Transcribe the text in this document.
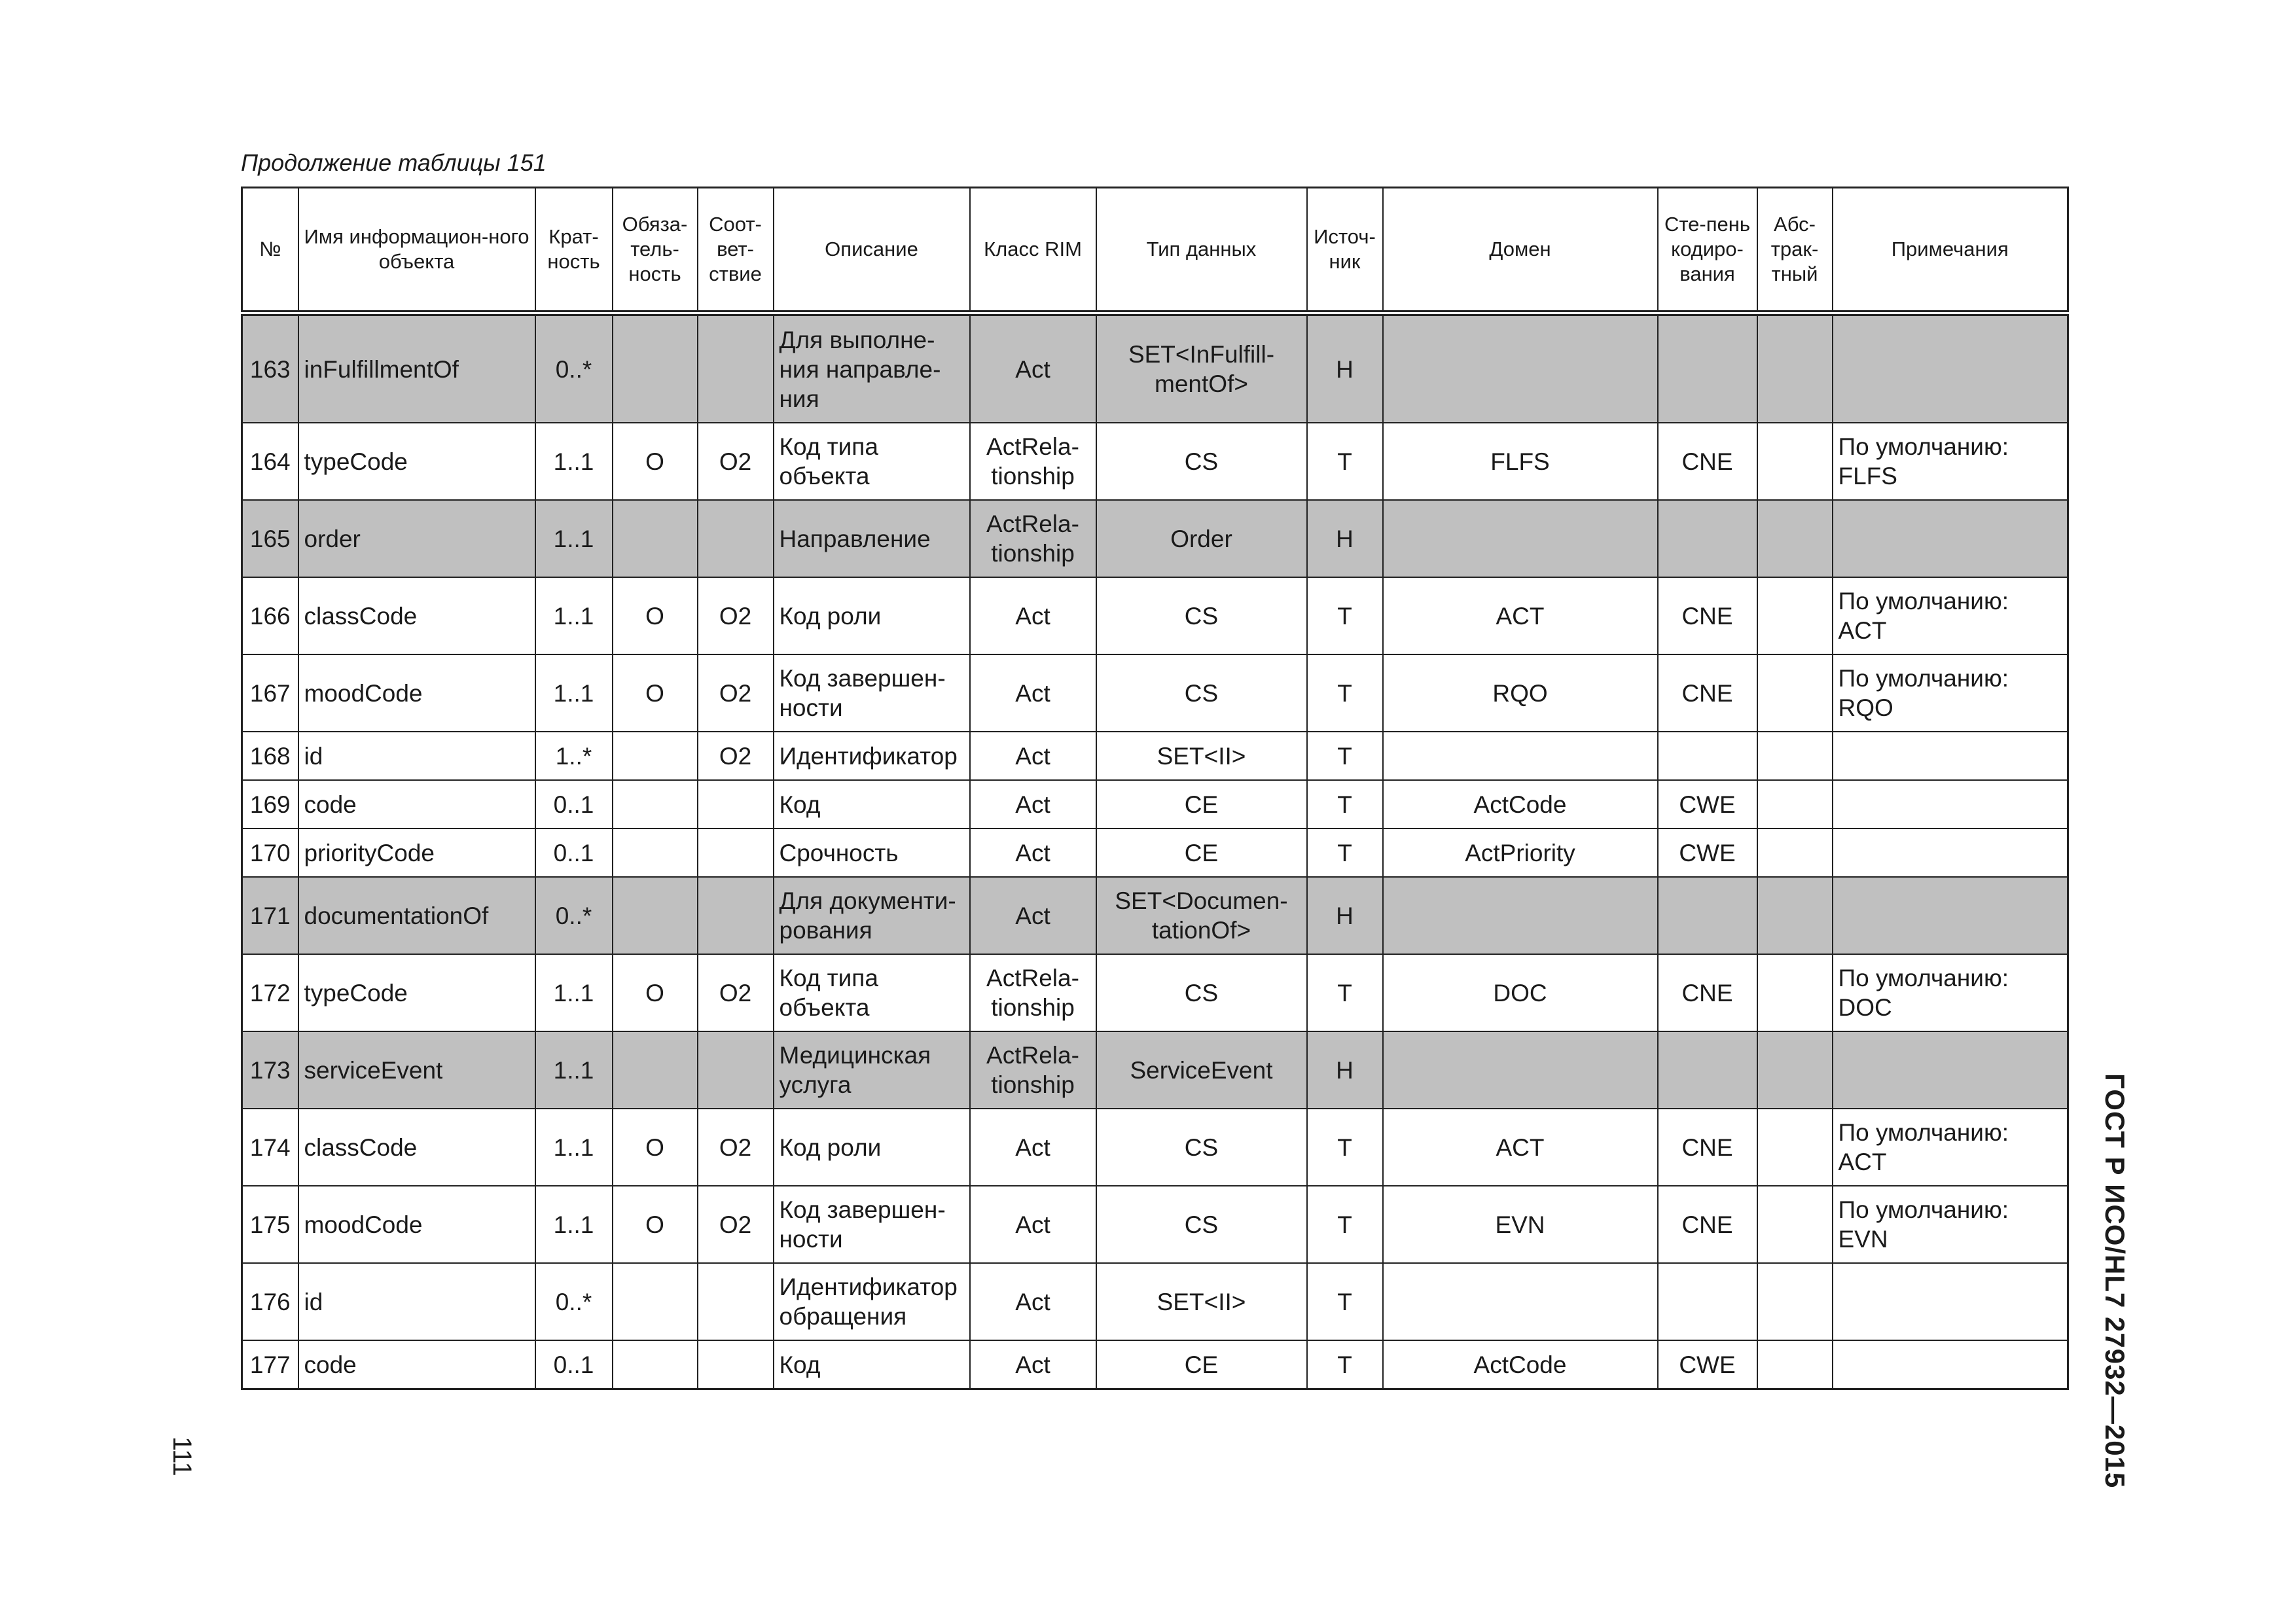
Продолжение таблицы 151
№	Имя информацион-ного объекта	Крат-ность	Обяза-тель-ность	Соот-вет-ствие	Описание	Класс RIM	Тип данных	Источ-ник	Домен	Сте-пень кодиро-вания	Абс-трак-тный	Примечания
163	inFulfillmentOf	0..*			Для выполне-ния направле-ния	Act	SET<InFulfill-mentOf>	H				
164	typeCode	1..1	O	O2	Код типа объекта	ActRela-tionship	CS	T	FLFS	CNE		По умолчанию: FLFS
165	order	1..1			Направление	ActRela-tionship	Order	H				
166	classCode	1..1	O	O2	Код роли	Act	CS	T	ACT	CNE		По умолчанию: ACT
167	moodCode	1..1	O	O2	Код завершен-ности	Act	CS	T	RQO	CNE		По умолчанию: RQO
168	id	1..*		O2	Идентификатор	Act	SET<II>	T				
169	code	0..1			Код	Act	CE	T	ActCode	CWE		
170	priorityCode	0..1			Срочность	Act	CE	T	ActPriority	CWE		
171	documentationOf	0..*			Для документи-рования	Act	SET<Documen-tationOf>	H				
172	typeCode	1..1	O	O2	Код типа объекта	ActRela-tionship	CS	T	DOC	CNE		По умолчанию: DOC
173	serviceEvent	1..1			Медицинская услуга	ActRela-tionship	ServiceEvent	H				
174	classCode	1..1	O	O2	Код роли	Act	CS	T	ACT	CNE		По умолчанию: ACT
175	moodCode	1..1	O	O2	Код завершен-ности	Act	CS	T	EVN	CNE		По умолчанию: EVN
176	id	0..*			Идентификатор обращения	Act	SET<II>	T				
177	code	0..1			Код	Act	CE	T	ActCode	CWE			ГОСТ Р ИСО/HL7 27932—2015
111
